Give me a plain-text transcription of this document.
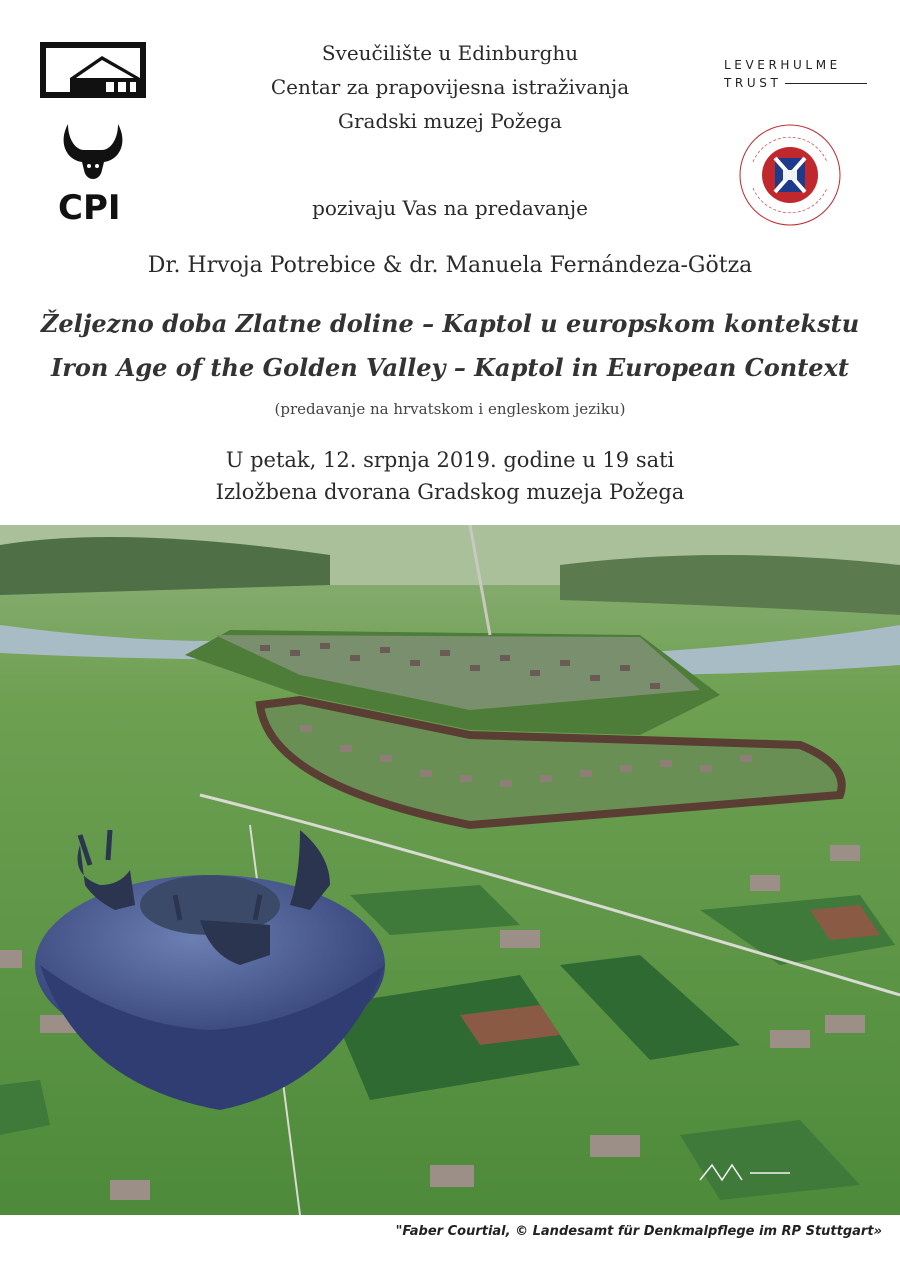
CPI
LEVERHULME
TRUST
Sveučilište u Edinburghu
Centar za prapovijesna istraživanja
Gradski muzej Požega
pozivaju Vas na predavanje
Dr. Hrvoja Potrebice & dr. Manuela Fernándeza-Götza
Željezno doba Zlatne doline – Kaptol u europskom kontekstu
Iron Age of the Golden Valley – Kaptol in European Context
(predavanje na hrvatskom i engleskom jeziku)
U petak, 12. srpnja 2019. godine u 19 sati
Izložbena dvorana Gradskog muzeja Požega
"Faber Courtial, © Landesamt für Denkmalpflege im RP Stuttgart»
